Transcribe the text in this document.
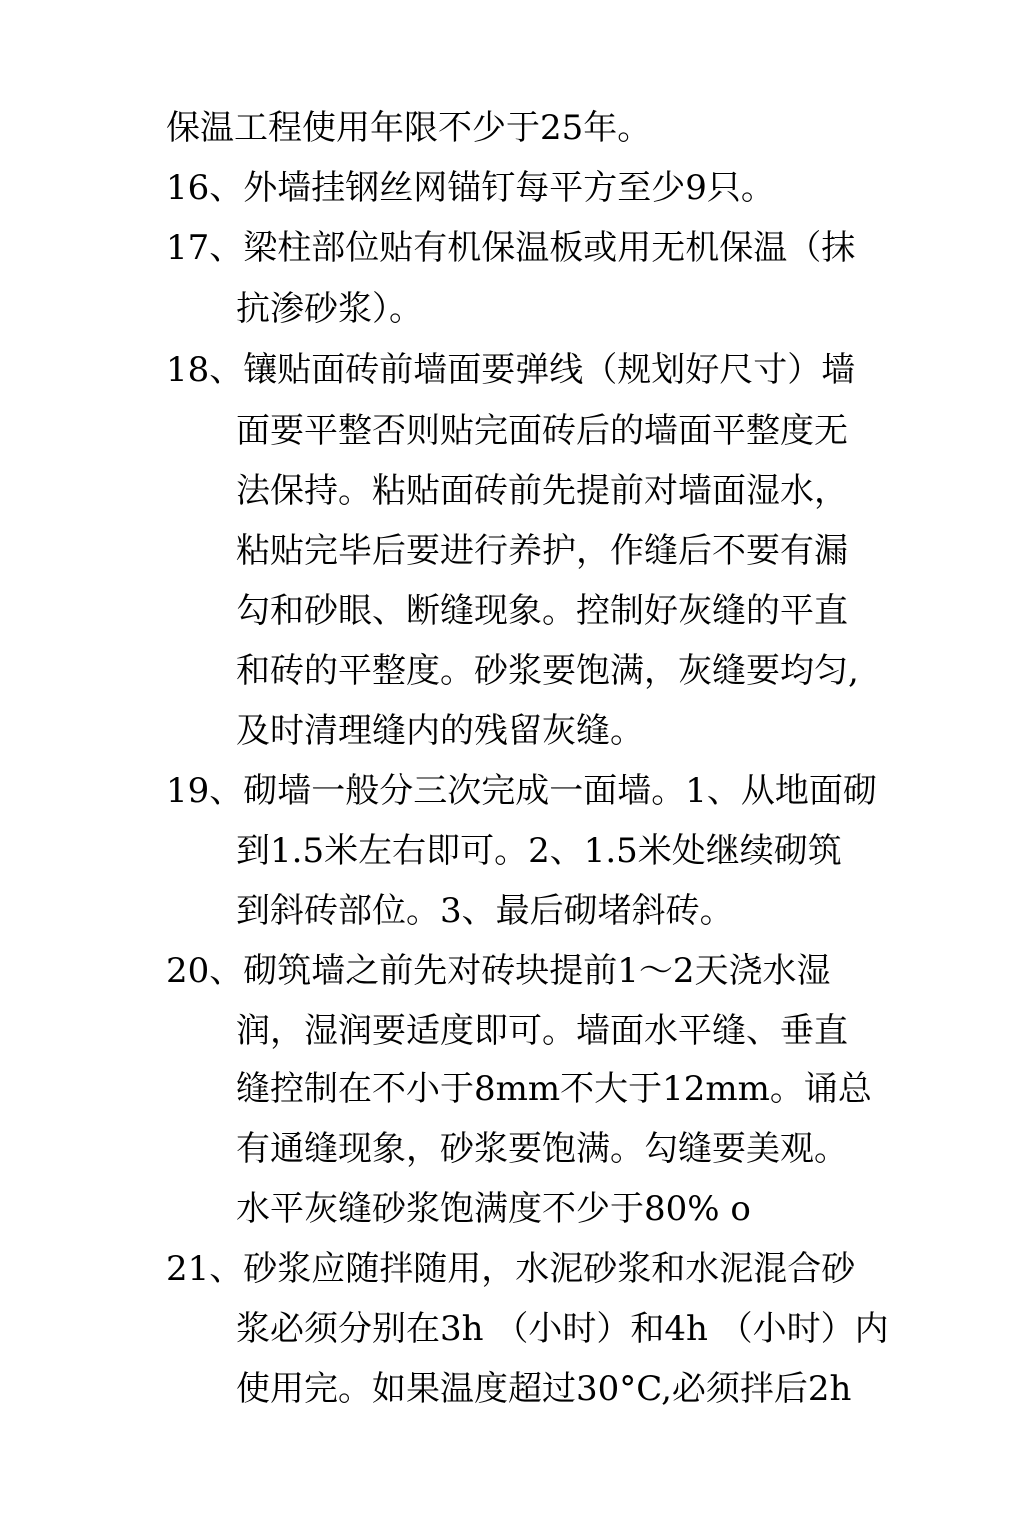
保温工程使用年限不少于25年。
16、外墙挂钢丝网锚钉每平方至少9只。
17、梁柱部位贴有机保温板或用无机保温（抹
抗渗砂浆）。
18、镶贴面砖前墙面要弹线（规划好尺寸）墙
面要平整否则贴完面砖后的墙面平整度无
法保持。粘贴面砖前先提前对墙面湿水，
粘贴完毕后要进行养护，作缝后不要有漏
勾和砂眼、断缝现象。控制好灰缝的平直
和砖的平整度。砂浆要饱满，灰缝要均匀,
及时清理缝内的残留灰缝。
19、砌墙一般分三次完成一面墙。1、从地面砌
到1.5米左右即可。2、1.5米处继续砌筑
到斜砖部位。3、最后砌堵斜砖。
20、砌筑墙之前先对砖块提前1～2天浇水湿
润，湿润要适度即可。墙面水平缝、垂直
缝控制在不小于8mm不大于12mm。诵总
有通缝现象，砂浆要饱满。勾缝要美观。
水平灰缝砂浆饱满度不少于80% o
21、砂浆应随拌随用，水泥砂浆和水泥混合砂
浆必须分别在3h （小时）和4h （小时）内
使用完。如果温度超过30°C,必须拌后2h
